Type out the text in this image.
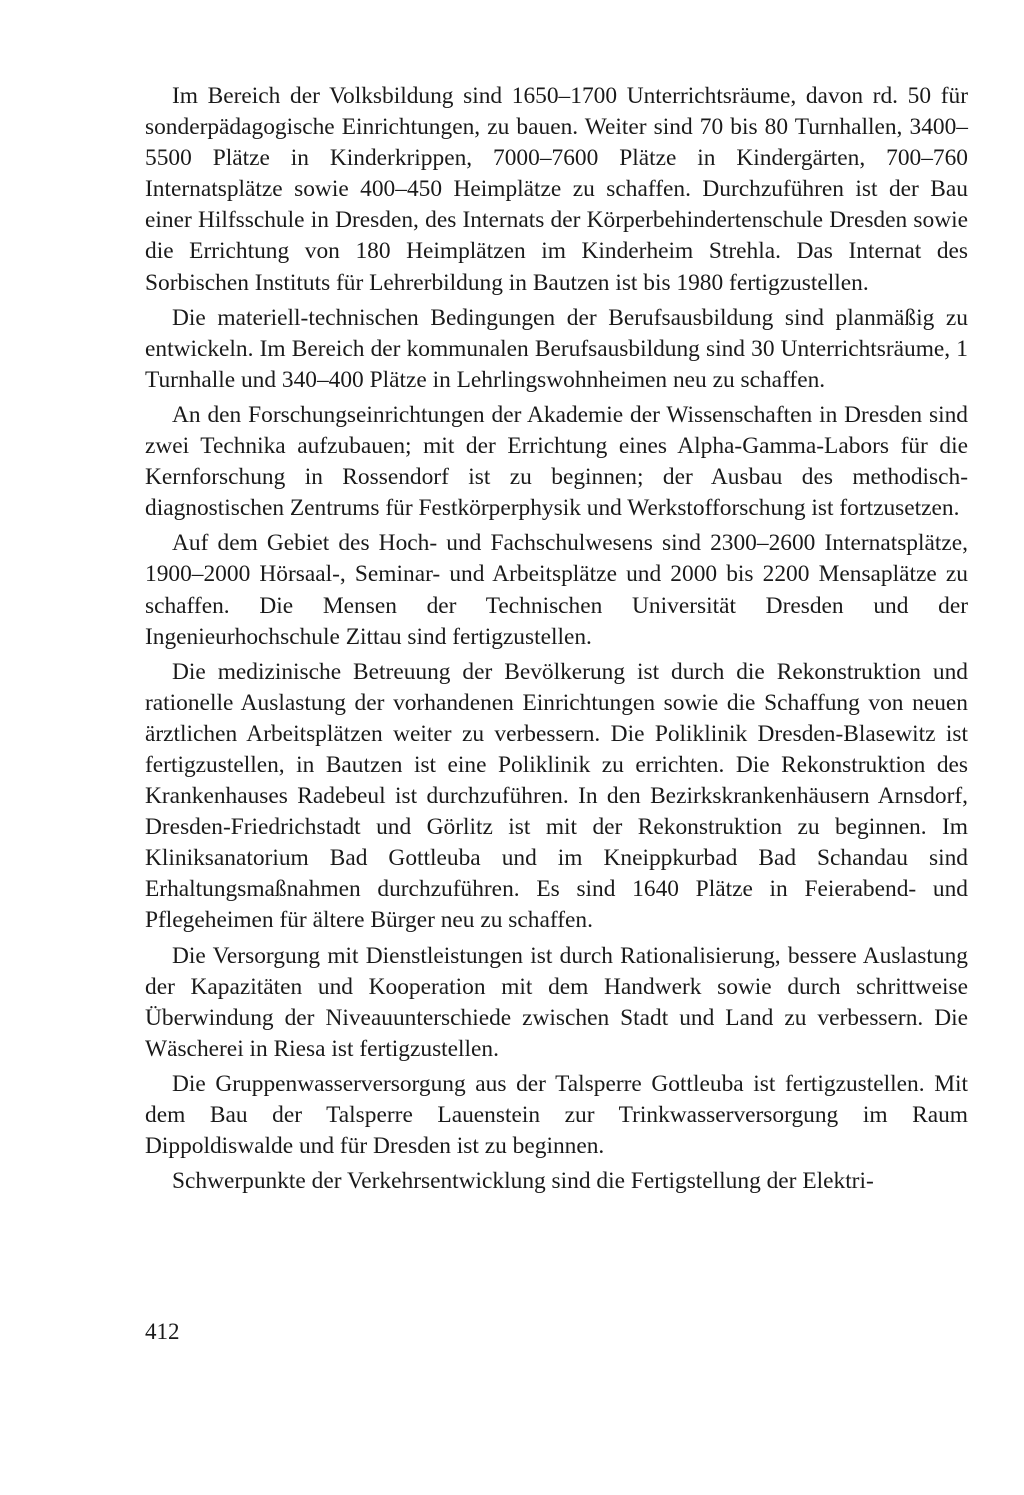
Im Bereich der Volksbildung sind 1650–1700 Unterrichtsräume, davon rd. 50 für sonderpädagogische Einrichtungen, zu bauen. Weiter sind 70 bis 80 Turnhallen, 3400–5500 Plätze in Kinderkrippen, 7000–7600 Plätze in Kindergärten, 700–760 Internatsplätze sowie 400–450 Heimplätze zu schaffen. Durchzuführen ist der Bau einer Hilfsschule in Dresden, des Internats der Körperbehindertenschule Dresden sowie die Errichtung von 180 Heimplätzen im Kinderheim Strehla. Das Internat des Sorbischen Instituts für Lehrerbildung in Bautzen ist bis 1980 fertigzustellen.

Die materiell-technischen Bedingungen der Berufsausbildung sind planmäßig zu entwickeln. Im Bereich der kommunalen Berufsausbildung sind 30 Unterrichtsräume, 1 Turnhalle und 340–400 Plätze in Lehrlingswohnheimen neu zu schaffen.

An den Forschungseinrichtungen der Akademie der Wissenschaften in Dresden sind zwei Technika aufzubauen; mit der Errichtung eines Alpha-Gamma-Labors für die Kernforschung in Rossendorf ist zu beginnen; der Ausbau des methodisch-diagnostischen Zentrums für Festkörperphysik und Werkstofforschung ist fortzusetzen.

Auf dem Gebiet des Hoch- und Fachschulwesens sind 2300–2600 Internatsplätze, 1900–2000 Hörsaal-, Seminar- und Arbeitsplätze und 2000 bis 2200 Mensaplätze zu schaffen. Die Mensen der Technischen Universität Dresden und der Ingenieurhochschule Zittau sind fertigzustellen.

Die medizinische Betreuung der Bevölkerung ist durch die Rekonstruktion und rationelle Auslastung der vorhandenen Einrichtungen sowie die Schaffung von neuen ärztlichen Arbeitsplätzen weiter zu verbessern. Die Poliklinik Dresden-Blasewitz ist fertigzustellen, in Bautzen ist eine Poliklinik zu errichten. Die Rekonstruktion des Krankenhauses Radebeul ist durchzuführen. In den Bezirkskrankenhäusern Arnsdorf, Dresden-Friedrichstadt und Görlitz ist mit der Rekonstruktion zu beginnen. Im Kliniksanatorium Bad Gottleuba und im Kneippkurbad Bad Schandau sind Erhaltungsmaßnahmen durchzuführen. Es sind 1640 Plätze in Feierabend- und Pflegeheimen für ältere Bürger neu zu schaffen.

Die Versorgung mit Dienstleistungen ist durch Rationalisierung, bessere Auslastung der Kapazitäten und Kooperation mit dem Handwerk sowie durch schrittweise Überwindung der Niveauunterschiede zwischen Stadt und Land zu verbessern. Die Wäscherei in Riesa ist fertigzustellen.

Die Gruppenwasserversorgung aus der Talsperre Gottleuba ist fertigzustellen. Mit dem Bau der Talsperre Lauenstein zur Trinkwasserversorgung im Raum Dippoldiswalde und für Dresden ist zu beginnen.

Schwerpunkte der Verkehrsentwicklung sind die Fertigstellung der Elektri-

412
